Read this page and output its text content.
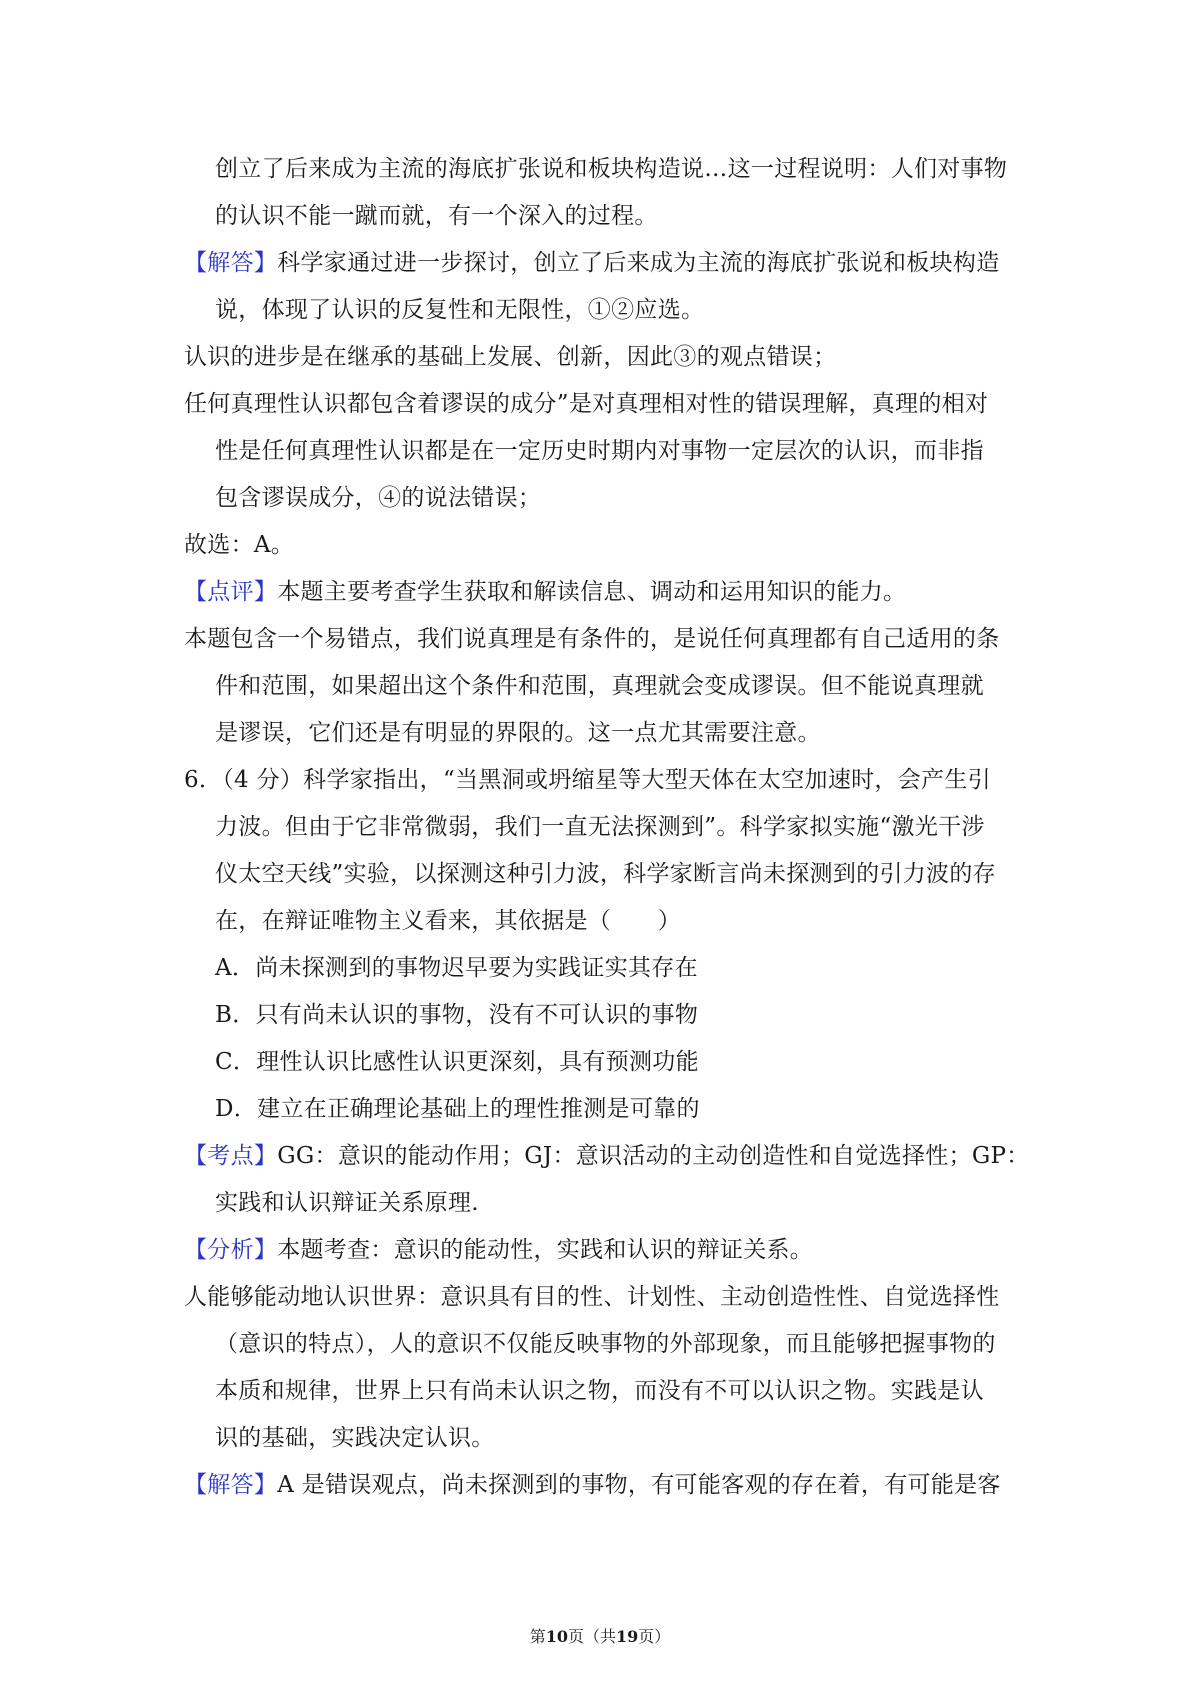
创立了后来成为主流的海底扩张说和板块构造说…这一过程说明：人们对事物
的认识不能一蹴而就，有一个深入的过程。
【解答】科学家通过进一步探讨，创立了后来成为主流的海底扩张说和板块构造
说，体现了认识的反复性和无限性，①②应选。
认识的进步是在继承的基础上发展、创新，因此③的观点错误；
任何真理性认识都包含着谬误的成分”是对真理相对性的错误理解，真理的相对
性是任何真理性认识都是在一定历史时期内对事物一定层次的认识，而非指
包含谬误成分，④的说法错误；
故选：A。
【点评】本题主要考查学生获取和解读信息、调动和运用知识的能力。
本题包含一个易错点，我们说真理是有条件的，是说任何真理都有自己适用的条
件和范围，如果超出这个条件和范围，真理就会变成谬误。但不能说真理就
是谬误，它们还是有明显的界限的。这一点尤其需要注意。
6．（4 分）科学家指出，“当黑洞或坍缩星等大型天体在太空加速时，会产生引
力波。但由于它非常微弱，我们一直无法探测到”。科学家拟实施“激光干涉
仪太空天线”实验，以探测这种引力波，科学家断言尚未探测到的引力波的存
在，在辩证唯物主义看来，其依据是（　　）
A．尚未探测到的事物迟早要为实践证实其存在
B．只有尚未认识的事物，没有不可认识的事物
C．理性认识比感性认识更深刻，具有预测功能
D．建立在正确理论基础上的理性推测是可靠的
【考点】GG：意识的能动作用；GJ：意识活动的主动创造性和自觉选择性；GP：
实践和认识辩证关系原理.
【分析】本题考查：意识的能动性，实践和认识的辩证关系。
人能够能动地认识世界：意识具有目的性、计划性、主动创造性性、自觉选择性
（意识的特点），人的意识不仅能反映事物的外部现象，而且能够把握事物的
本质和规律，世界上只有尚未认识之物，而没有不可以认识之物。实践是认
识的基础，实践决定认识。
【解答】A 是错误观点，尚未探测到的事物，有可能客观的存在着，有可能是客
第10页（共19页）
